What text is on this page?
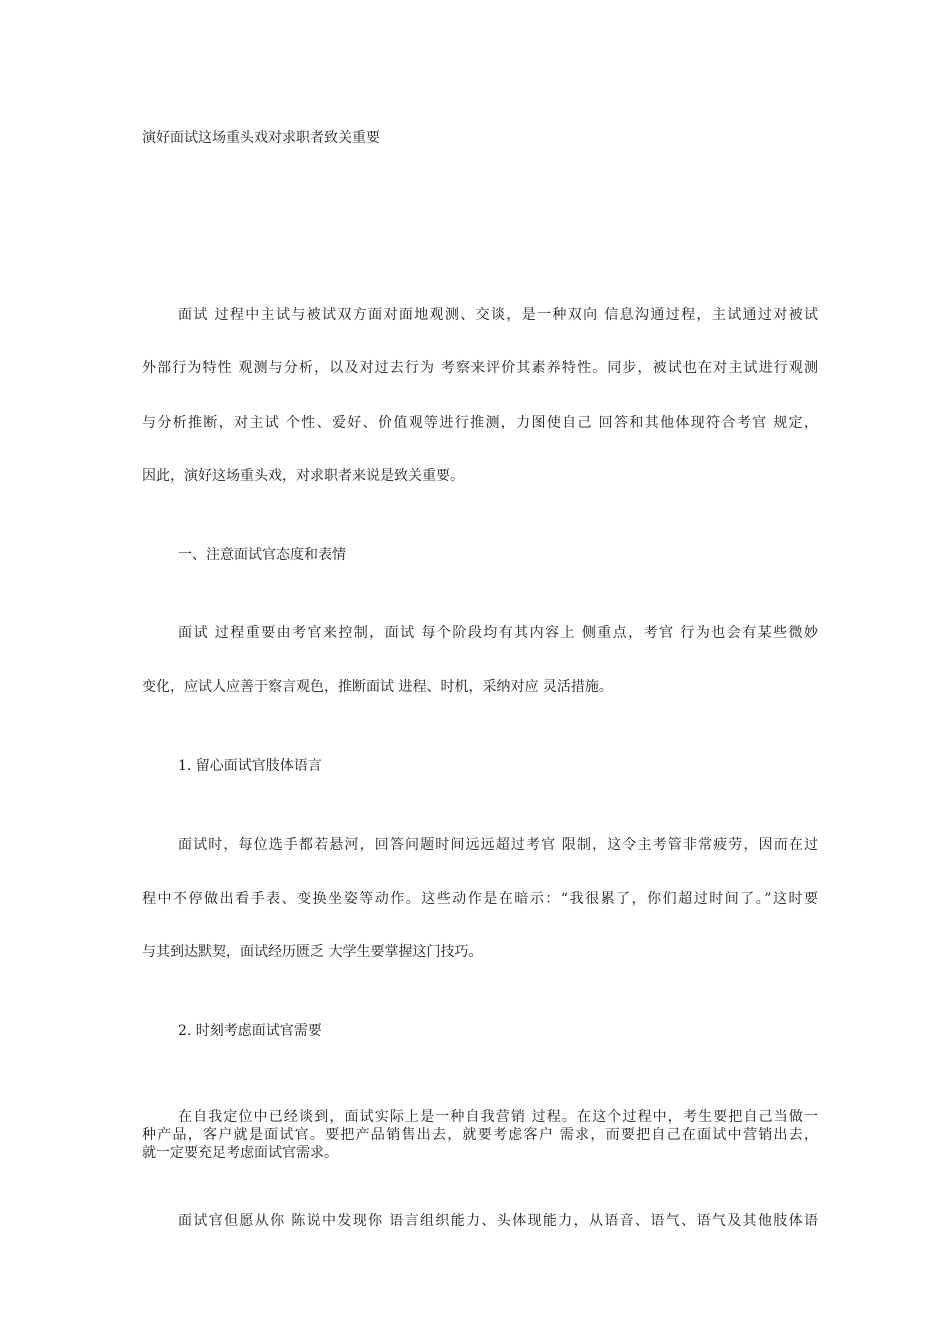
演好面试这场重头戏对求职者致关重要
面试 过程中主试与被试双方面对面地观测、交谈，是一种双向 信息沟通过程，主试通过对被试
外部行为特性 观测与分析，以及对过去行为 考察来评价其素养特性。同步，被试也在对主试进行观测
与分析推断，对主试 个性、爱好、价值观等进行推测，力图使自己 回答和其他体现符合考官 规定，
因此，演好这场重头戏，对求职者来说是致关重要。
一、注意面试官态度和表情
面试 过程重要由考官来控制，面试 每个阶段均有其内容上 侧重点，考官 行为也会有某些微妙
变化，应试人应善于察言观色，推断面试 进程、时机，采纳对应 灵活措施。
1. 留心面试官肢体语言
面试时，每位选手都若悬河，回答问题时间远远超过考官 限制，这令主考管非常疲劳，因而在过
程中不停做出看手表、变换坐姿等动作。这些动作是在暗示：“我很累了，你们超过时间了。”这时要
与其到达默契，面试经历匮乏 大学生要掌握这门技巧。
2. 时刻考虑面试官需要
在自我定位中已经谈到，面试实际上是一种自我营销 过程。在这个过程中，考生要把自己当做一
种产品，客户就是面试官。要把产品销售出去，就要考虑客户 需求，而要把自己在面试中营销出去，
就一定要充足考虑面试官需求。
面试官但愿从你 陈说中发现你 语言组织能力、头体现能力，从语音、语气、语气及其他肢体语
